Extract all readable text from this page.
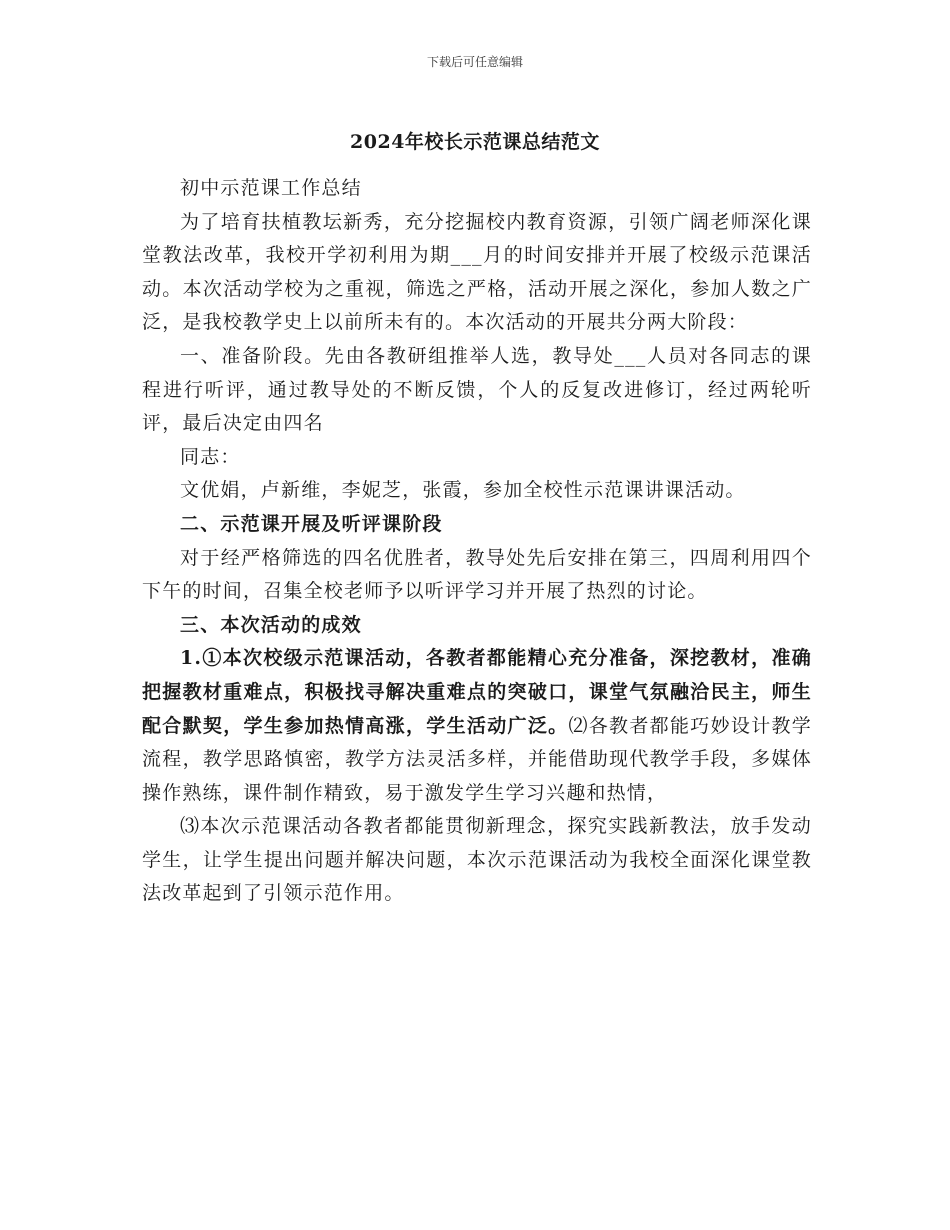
下载后可任意编辑
2024年校长示范课总结范文

初中示范课工作总结

为了培育扶植教坛新秀，充分挖掘校内教育资源，引领广阔老师深化课堂教法改革，我校开学初利用为期___月的时间安排并开展了校级示范课活动。本次活动学校为之重视，筛选之严格，活动开展之深化，参加人数之广泛，是我校教学史上以前所未有的。本次活动的开展共分两大阶段：

一、准备阶段。先由各教研组推举人选，教导处___人员对各同志的课程进行听评，通过教导处的不断反馈，个人的反复改进修订，经过两轮听评，最后决定由四名

同志：

文优娟，卢新维，李妮芝，张霞，参加全校性示范课讲课活动。

二、示范课开展及听评课阶段

对于经严格筛选的四名优胜者，教导处先后安排在第三，四周利用四个下午的时间，召集全校老师予以听评学习并开展了热烈的讨论。

三、本次活动的成效

1.①本次校级示范课活动，各教者都能精心充分准备，深挖教材，准确把握教材重难点，积极找寻解决重难点的突破口，课堂气氛融洽民主，师生配合默契，学生参加热情高涨，学生活动广泛。⑵各教者都能巧妙设计教学流程，教学思路慎密，教学方法灵活多样，并能借助现代教学手段，多媒体操作熟练，课件制作精致，易于激发学生学习兴趣和热情，

⑶本次示范课活动各教者都能贯彻新理念，探究实践新教法，放手发动学生，让学生提出问题并解决问题，本次示范课活动为我校全面深化课堂教法改革起到了引领示范作用。
